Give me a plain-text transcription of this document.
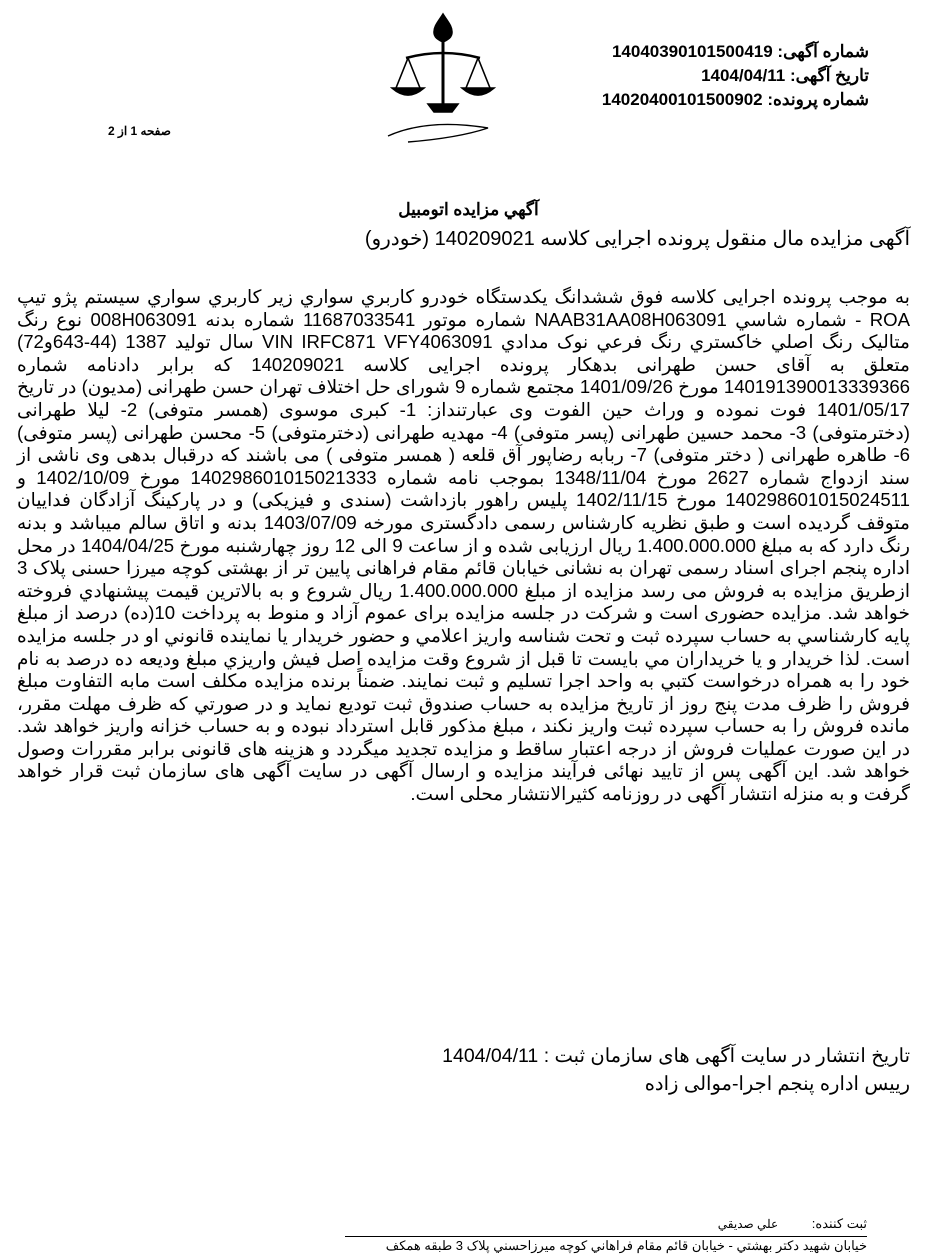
شماره آگهی: 14040390101500419
تاریخ آگهی: 1404/04/11
شماره پرونده: 14020400101500902
صفحه 1 از 2
آگهي مزايده اتومبيل
آگهی مزایده مال منقول پرونده اجرایی کلاسه 140209021 (خودرو)
به موجب پرونده اجرایی کلاسه فوق ششدانگ یکدستگاه خودرو کاربري سواري زير کاربري سواري سيستم پژو تيپ ROA - شماره شاسي NAAB31AA08H063091 شماره موتور 11687033541 شماره بدنه 008H063091 نوع رنگ متاليک رنگ اصلي خاکستري رنگ فرعي نوک مدادي VIN IRFC871 VFY4063091 سال توليد 1387 (44-643و72) متعلق به آقای حسن طهرانی بدهکار پرونده اجرایی کلاسه 140209021 که برابر دادنامه شماره 140191390013339366 مورخ 1401/09/26 مجتمع شماره 9 شورای حل اختلاف تهران حسن طهرانی (مدیون) در تاریخ 1401/05/17 فوت نموده و وراث حین الفوت وی عبارتنداز: 1- کبری موسوی (همسر متوفی) 2- لیلا طهرانی (دخترمتوفی) 3- محمد حسین طهرانی (پسر متوفی) 4- مهدیه طهرانی (دخترمتوفی) 5- محسن طهرانی (پسر متوفی) 6- طاهره طهرانی ( دختر متوفی) 7- ربابه رضاپور آق قلعه ( همسر متوفی ) می باشند که درقبال بدهی وی ناشی از سند ازدواج شماره 2627 مورخ 1348/11/04 بموجب نامه شماره 140298601015021333 مورخ 1402/10/09 و 140298601015024511 مورخ 1402/11/15 پلیس راهور بازداشت (سندی و فیزیکی) و در پارکینگ آزادگان فداییان متوقف گردیده است و طبق نظریه کارشناس رسمی دادگستری مورخه 1403/07/09 بدنه و اتاق سالم میباشد و بدنه رنگ دارد که به مبلغ 1.400.000.000 ریال ارزیابی شده و از ساعت 9 الی 12 روز چهارشنبه مورخ 1404/04/25 در محل اداره پنجم اجرای اسناد رسمی تهران به نشانی خیابان قائم مقام فراهانی پایین تر از بهشتی کوچه میرزا حسنی پلاک 3 ازطریق مزایده به فروش می رسد مزایده از مبلغ 1.400.000.000 ریال شروع و به بالاترين قيمت پيشنهادي فروخته خواهد شد. مزایده حضوری است و شرکت در جلسه مزایده برای عموم آزاد و منوط به پرداخت 10(ده) درصد از مبلغ پايه کارشناسي به حساب سپرده ثبت و تحت شناسه واريز اعلامي و حضور خريدار يا نماينده قانوني او در جلسه مزايده است. لذا خريدار و يا خريداران مي بايست تا قبل از شروع وقت مزايده اصل فيش واريزي مبلغ وديعه ده درصد به نام خود را به همراه درخواست کتبي به واحد اجرا تسليم و ثبت نمايند. ضمناً برنده مزايده مکلف است مابه التفاوت مبلغ فروش را ظرف مدت پنج روز از تاريخ مزايده به حساب صندوق ثبت توديع نمايد و در صورتي که ظرف مهلت مقرر، مانده فروش را به حساب سپرده ثبت واريز نکند ، مبلغ مذکور قابل استرداد نبوده و به حساب خزانه واريز خواهد شد. در این صورت عملیات فروش از درجه اعتبار ساقط و مزایده تجدید میگردد و هزینه های قانونی برابر مقررات وصول خواهد شد. این آگهی پس از تایید نهائی فرآیند مزایده و ارسال آگهی در سایت آگهی های سازمان ثبت قرار خواهد گرفت و به منزله انتشار آگهی در روزنامه کثیرالانتشار محلی است.
تاریخ انتشار در سایت آگهی های سازمان ثبت : 1404/04/11
رییس اداره پنجم اجرا-موالی زاده
ثبت کننده: علي صديقي
خيابان شهيد دکتر بهشتي - خيابان قائم مقام فراهاني کوچه ميرزاحسني پلاک 3 طبقه همکف
